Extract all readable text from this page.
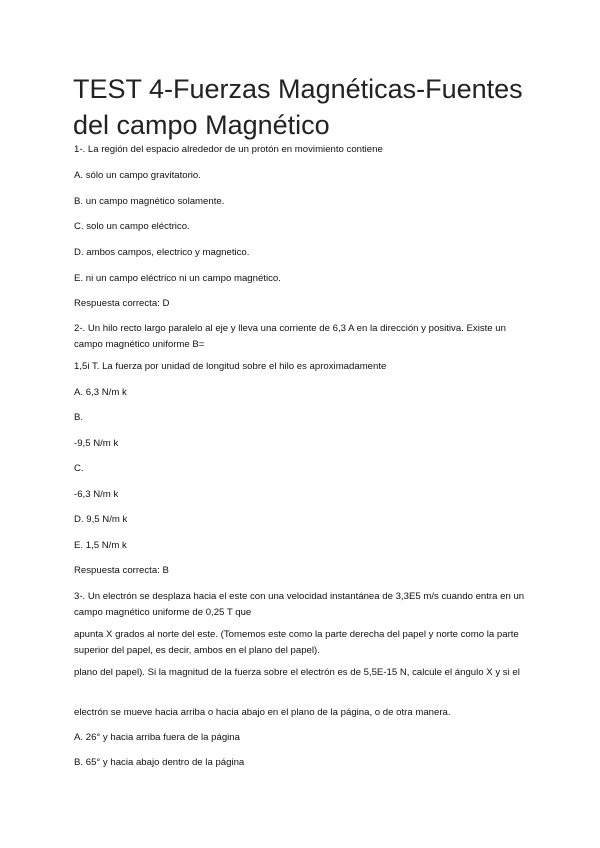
TEST 4-Fuerzas Magnéticas-Fuentes
del campo Magnético

1-. La región del espacio alrededor de un protón en movimiento contiene

A. sólo un campo gravitatorio.

B. un campo magnético solamente.

C. solo un campo eléctrico.

D. ambos campos, electrico y magnetico.

E. ni un campo eléctrico ni un campo magnético.

Respuesta correcta: D

2-. Un hilo recto largo paralelo al eje y lleva una corriente de 6,3 A en la dirección y positiva. Existe un campo magnético uniforme B=

1,5i T. La fuerza por unidad de longitud sobre el hilo es aproximadamente

A. 6,3 N/m k

B.

-9,5 N/m k

C.

-6,3 N/m k

D. 9,5 N/m k

E. 1,5 N/m k

Respuesta correcta: B

3-. Un electrón se desplaza hacia el este con una velocidad instantánea de 3,3E5 m/s cuando entra en un campo magnético uniforme de 0,25 T que

apunta X grados al norte del este. (Tomemos este como la parte derecha del papel y norte como la parte superior del papel, es decir, ambos en el plano del papel).

plano del papel). Si la magnitud de la fuerza sobre el electrón es de 5,5E-15 N, calcule el ángulo X y si el

electrón se mueve hacia arriba o hacia abajo en el plano de la página, o de otra manera.

A. 26° y hacia arriba fuera de la página

B. 65° y hacia abajo dentro de la página
